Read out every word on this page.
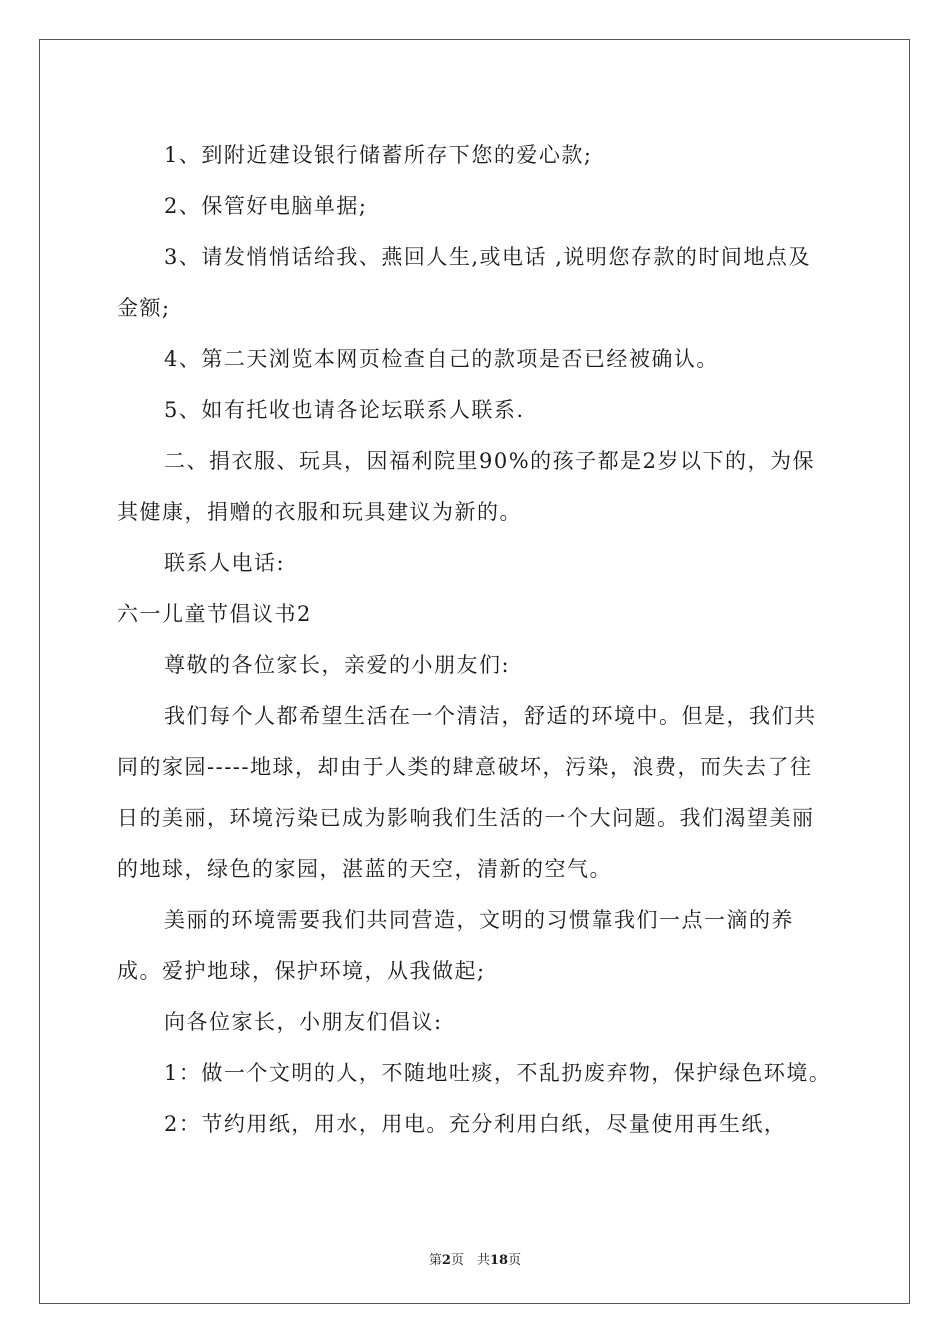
1、到附近建设银行储蓄所存下您的爱心款;

2、保管好电脑单据;

3、请发悄悄话给我、燕回人生,或电话 ,说明您存款的时间地点及金额;

4、第二天浏览本网页检查自己的款项是否已经被确认。

5、如有托收也请各论坛联系人联系.

二、捐衣服、玩具，因福利院里90%的孩子都是2岁以下的，为保其健康，捐赠的衣服和玩具建议为新的。

联系人电话:

六一儿童节倡议书2

尊敬的各位家长，亲爱的小朋友们:

我们每个人都希望生活在一个清洁，舒适的环境中。但是，我们共同的家园-----地球，却由于人类的肆意破坏，污染，浪费，而失去了往日的美丽，环境污染已成为影响我们生活的一个大问题。我们渴望美丽的地球，绿色的家园，湛蓝的天空，清新的空气。

美丽的环境需要我们共同营造，文明的习惯靠我们一点一滴的养成。爱护地球，保护环境，从我做起;

向各位家长，小朋友们倡议:

1：做一个文明的人，不随地吐痰，不乱扔废弃物，保护绿色环境。

2：节约用纸，用水，用电。充分利用白纸，尽量使用再生纸，

第2页　共18页
